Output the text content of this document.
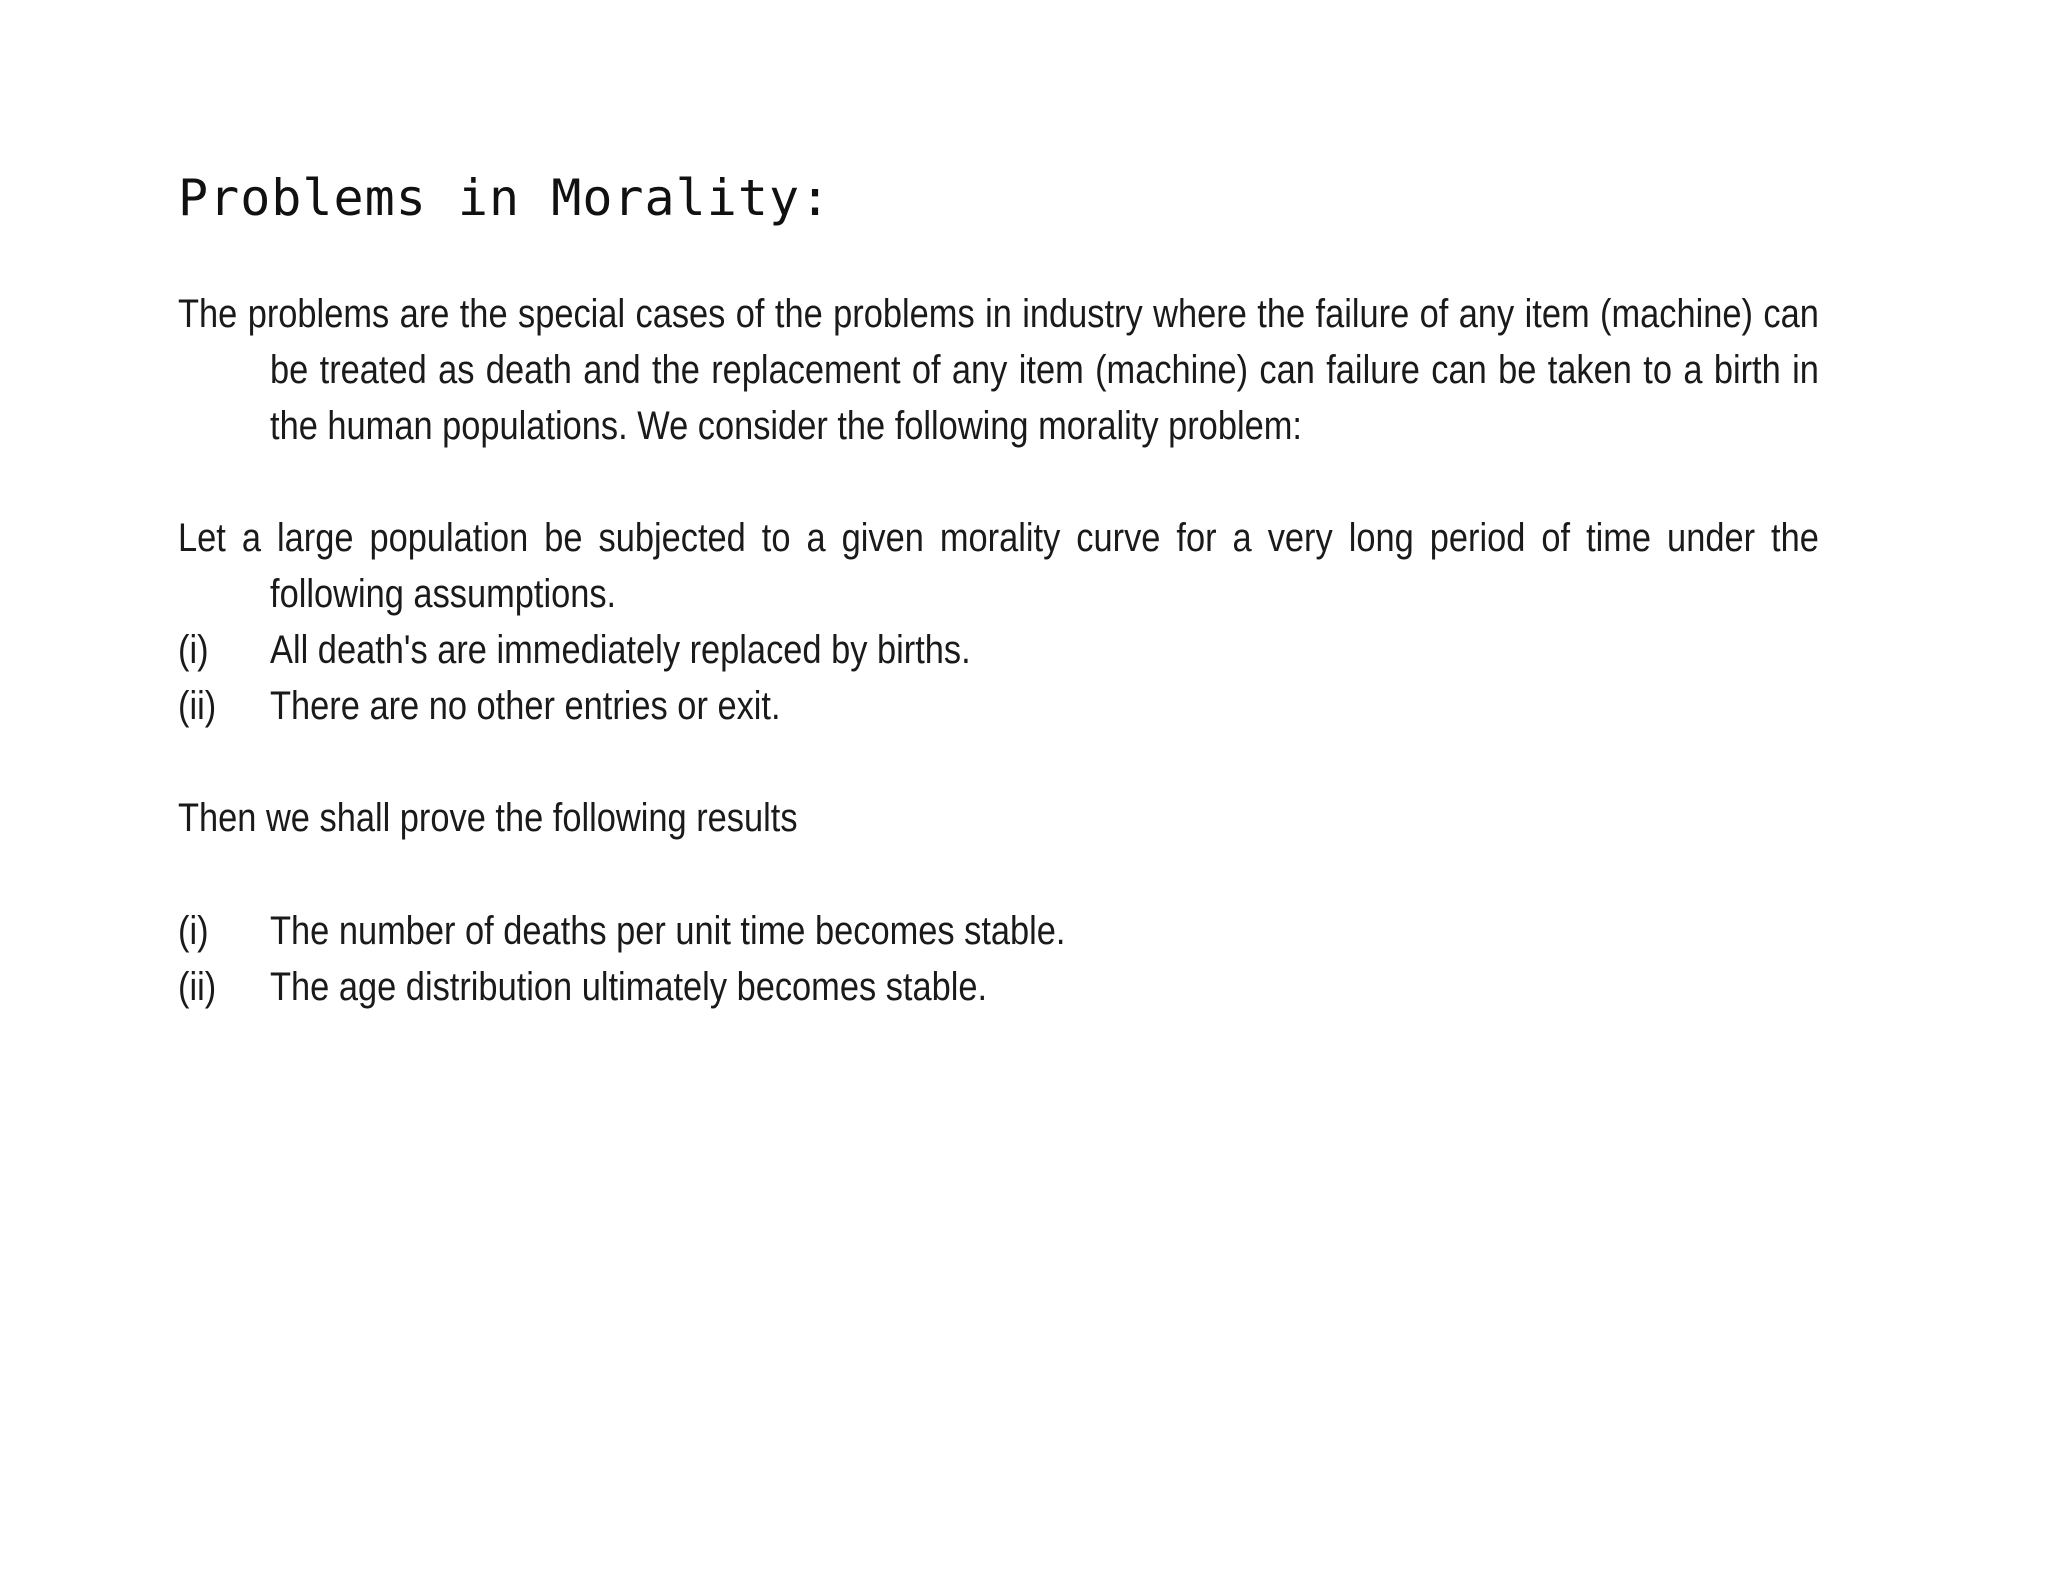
Problems in Morality:
The problems are the special cases of the problems in industry where the failure of any item (machine) can be treated as death and the replacement of any item (machine) can failure can be taken to a birth in the human populations. We consider the following morality problem:
Let a large population be subjected to a given morality curve for a very long period of time under the following assumptions.
(i) All death's are immediately replaced by births.
(ii) There are no other entries or exit.
Then we shall prove the following results
(i) The number of deaths per unit time becomes stable.
(ii) The age distribution ultimately becomes stable.
